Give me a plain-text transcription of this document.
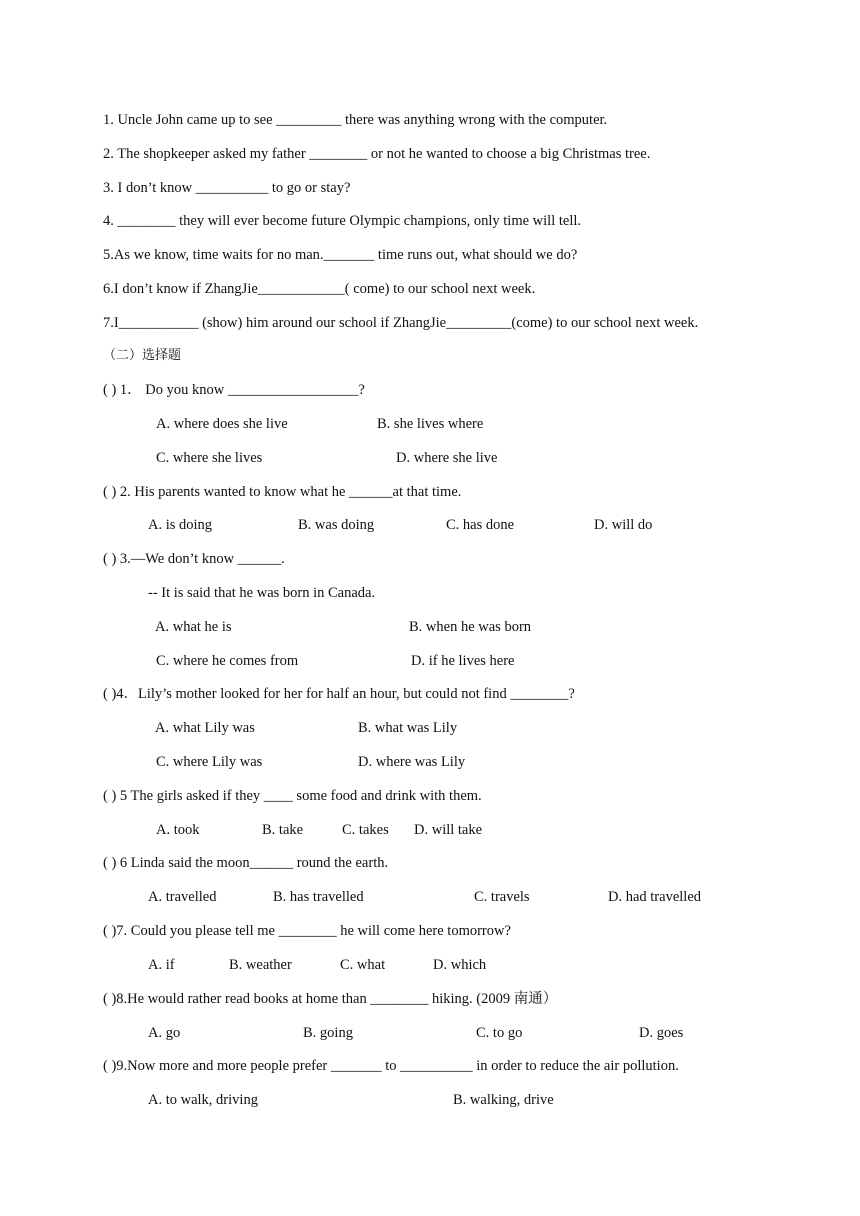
1. Uncle John came up to see _________ there was anything wrong with the computer.
2. The shopkeeper asked my father ________ or not he wanted to choose a big Christmas tree.
3. I don’t know __________ to go or stay?
4. ________ they will ever become future Olympic champions, only time will tell.
5.As we know, time waits for no man._______ time runs out, what should we do?
6.I don’t know if ZhangJie____________( come) to our school next week.
7.I___________ (show) him around our school if ZhangJie_________(come) to our school next week.
（二）选择题
( ) 1． Do you know __________________?
A. where does she live	B. she lives where
C. where she lives	D. where she live
( ) 2. His parents wanted to know what he ______at that time.
A. is doing	B. was doing	C. has done	D. will do
( ) 3.—We don’t know ______.
-- It is said that he was born in Canada.
A. what he is	B. when he was born
C. where he comes from	D. if he lives here
( )4．Lily’s mother looked for her for half an hour, but could not find ________?
A. what Lily was	B. what was Lily
C. where Lily was	D. where was Lily
( ) 5 The girls asked if they ____ some food and drink with them.
A. took	B. take	C. takes D. will take
( ) 6 Linda said the moon______ round the earth.
A. travelled	B. has travelled	C. travels	D. had travelled
( )7. Could you please tell me ________ he will come here tomorrow?
A. if	B. weather	C. what	D. which
( )8.He would rather read books at home than ________ hiking. (2009 南通）
A. go	B. going	C. to go	D. goes
( )9.Now more and more people prefer _______ to __________ in order to reduce the air pollution.
A. to walk, driving	B. walking, drive
